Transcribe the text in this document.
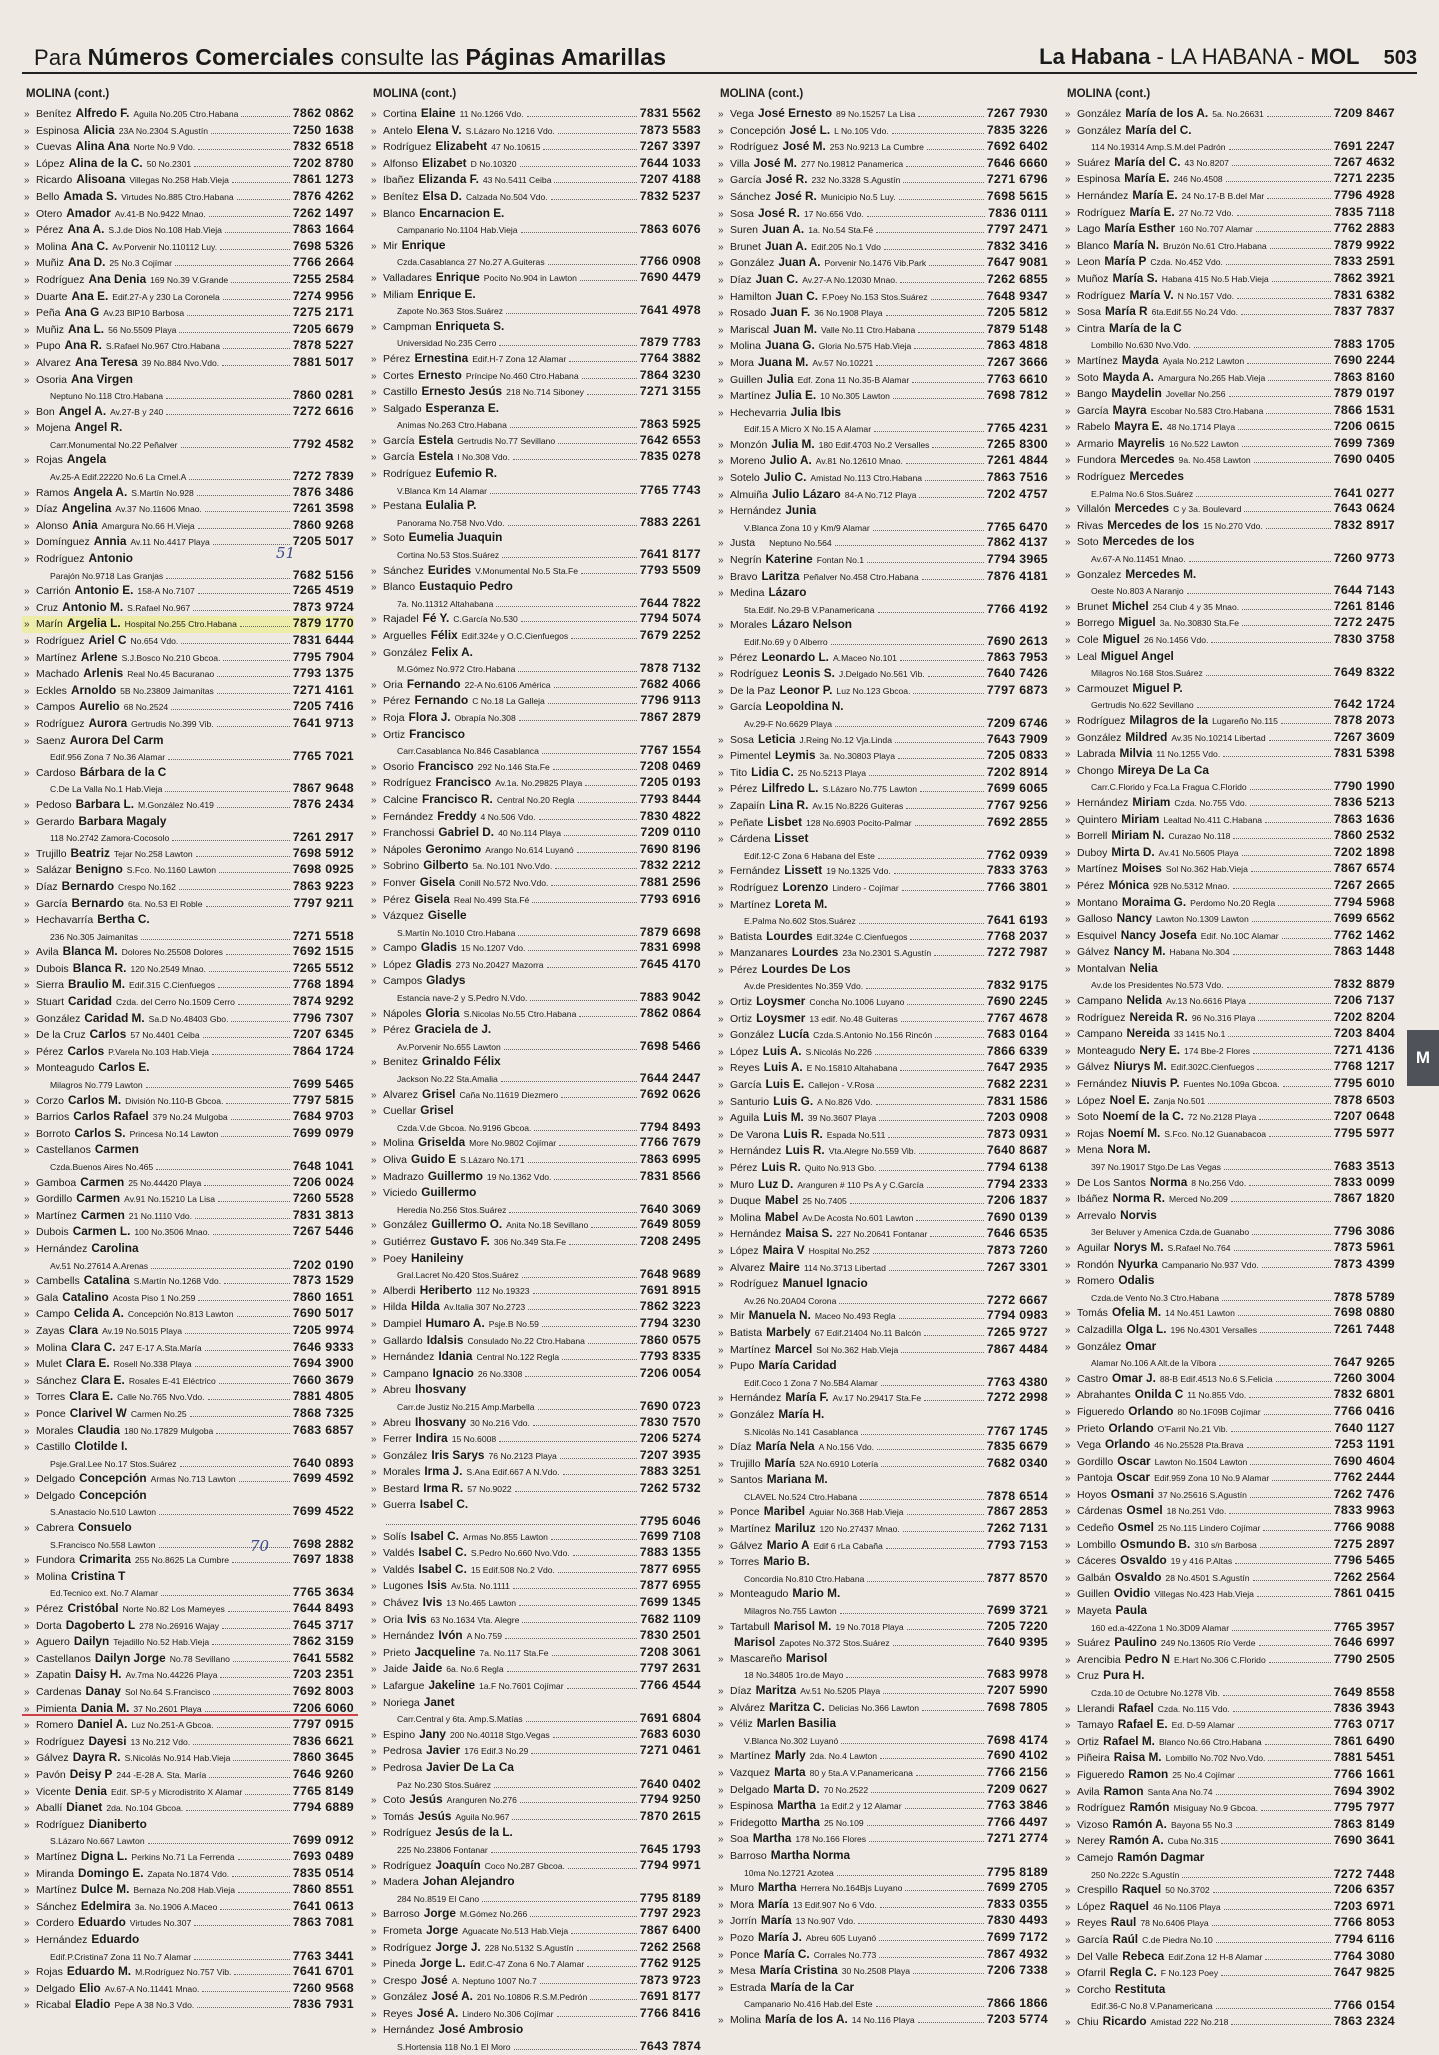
Para Números Comerciales consulte las Páginas Amarillas	La Habana - LA HABANA - MOL 503
MOLINA (cont.)
» Benítez Alfredo F. Aguila No.205 Ctro.Habana	7862 0862
» Espinosa Alicia 23A No.2304 S.Agustín	7250 1638
» Cuevas Alina Ana Norte No.9 Vdo.	7832 6518
» López Alina de la C. 50 No.2301	7202 8780
» Ricardo Alisoana Villegas No.258 Hab.Vieja	7861 1273
» Bello Amada S. Virtudes No.885 Ctro.Habana	7876 4262
» Otero Amador Av.41-B No.9422 Mnao.	7262 1497
» Pérez Ana A. S.J.de Dios No.108 Hab.Vieja	7863 1664
» Molina Ana C. Av.Porvenir No.110112 Luy.	7698 5326
» Muñiz Ana D. 25 No.3 Cojímar	7766 2664
» Rodríguez Ana Denia 169 No.39 V.Grande	7255 2584
» Duarte Ana E. Edif.27-A y 230 La Coronela	7274 9956
» Peña Ana G Av.23 BlP10 Barbosa	7275 2171
» Muñiz Ana L. 56 No.5509 Playa	7205 6679
» Pupo Ana R. S.Rafael No.967 Ctro.Habana	7878 5227
» Alvarez Ana Teresa 39 No.884 Nvo.Vdo.	7881 5017
» Osoria Ana Virgen
Neptuno No.118 Ctro.Habana	7860 0281
» Bon Angel A. Av.27-B y 240	7272 6616
» Mojena Angel R.
Carr.Monumental No.22 Peñalver	7792 4582
» Rojas Angela
Av.25-A Edif.22220 No.6 La Crnel.A	7272 7839
» Ramos Angela A. S.Martín No.928	7876 3486
» Díaz Angelina Av.37 No.11606 Mnao.	7261 3598
» Alonso Ania Amargura No.66 H.Vieja	7860 9268
» Domínguez Annia Av.11 No.4417 Playa	7205 5017
» Rodríguez Antonio
Parajón No.9718 Las Granjas	7682 5156
» Carrión Antonio E. 158-A No.7107	7265 4519
» Cruz Antonio M. S.Rafael No.967	7873 9724
» Marín Argelia L. Hospital No.255 Ctro.Habana	7879 1770
» Rodríguez Ariel C No.654 Vdo.	7831 6444
» Martínez Arlene S.J.Bosco No.210 Gbcoa.	7795 7904
» Machado Arlenis Real No.45 Bacuranao	7793 1375
» Eckles Arnoldo 5B No.23809 Jaimanitas	7271 4161
» Campos Aurelio 68 No.2524	7205 7416
» Rodríguez Aurora Gertrudis No.399 Vib.	7641 9713
» Saenz Aurora Del Carm
Edif.956 Zona 7 No.36 Alamar	7765 7021
» Cardoso Bárbara de la C
C.De La Valla No.1 Hab.Vieja	7867 9648
» Pedoso Barbara L. M.González No.419	7876 2434
» Gerardo Barbara Magaly
118 No.2742 Zamora-Cocosolo	7261 2917
» Trujillo Beatriz Tejar No.258 Lawton	7698 5912
» Salázar Benigno S.Fco. No.1160 Lawton	7698 0925
» Díaz Bernardo Crespo No.162	7863 9223
» García Bernardo 6ta. No.53 El Roble	7797 9211
» Hechavarría Bertha C.
236 No.305 Jaimanitas	7271 5518
» Avila Blanca M. Dolores No.25508 Dolores	7692 1515
» Dubois Blanca R. 120 No.2549 Mnao.	7265 5512
» Sierra Braulio M. Edif.315 C.Cienfuegos	7768 1894
» Stuart Caridad Czda. del Cerro No.1509 Cerro	7874 9292
» González Caridad M. Sa.D No.48403 Gbo.	7796 7307
» De la Cruz Carlos 57 No.4401 Ceiba	7207 6345
» Pérez Carlos P.Varela No.103 Hab.Vieja	7864 1724
» Monteagudo Carlos E.
Milagros No.779 Lawton	7699 5465
» Corzo Carlos M. División No.110-B Gbcoa.	7797 5815
» Barrios Carlos Rafael 379 No.24 Mulgoba	7684 9703
» Borroto Carlos S. Princesa No.14 Lawton	7699 0979
» Castellanos Carmen
Czda.Buenos Aires No.465	7648 1041
» Gamboa Carmen 25 No.44420 Playa	7206 0024
» Gordillo Carmen Av.91 No.15210 La Lisa	7260 5528
» Martínez Carmen 21 No.1110 Vdo.	7831 3813
» Dubois Carmen L. 100 No.3506 Mnao.	7267 5446
» Hernández Carolina
Av.51 No.27614 A.Arenas	7202 0190
» Cambells Catalina S.Martín No.1268 Vdo.	7873 1529
» Gala Catalino Acosta Piso 1 No.259	7860 1651
» Campo Celida A. Concepción No.813 Lawton	7690 5017
» Zayas Clara Av.19 No.5015 Playa	7205 9974
» Molina Clara C. 247 E-17 A.Sta.María	7646 9333
» Mulet Clara E. Rosell No.338 Playa	7694 3900
» Sánchez Clara E. Rosales E-41 Eléctrico	7660 3679
» Torres Clara E. Calle No.765 Nvo.Vdo.	7881 4805
» Ponce Clarivel W Carmen No.25	7868 7325
» Morales Claudia 180 No.17829 Mulgoba	7683 6857
» Castillo Clotilde I.
Psje.Gral.Lee No.17 Stos.Suárez	7640 0893
» Delgado Concepción Armas No.713 Lawton	7699 4592
» Delgado Concepción
S.Anastacio No.510 Lawton	7699 4522
» Cabrera Consuelo
S.Francisco No.558 Lawton	7698 2882
» Fundora Crimarita 255 No.8625 La Cumbre	7697 1838
» Molina Cristina T
Ed.Tecnico ext. No.7 Alamar	7765 3634
» Pérez Cristóbal Norte No.82 Los Mameyes	7644 8493
» Dorta Dagoberto L 278 No.26916 Wajay	7645 3717
» Aguero Dailyn Tejadillo No.52 Hab.Vieja	7862 3159
» Castellanos Dailyn Jorge No.78 Sevillano	7641 5582
» Zapatin Daisy H. Av.7ma No.44226 Playa	7203 2351
» Cardenas Danay Sol No.64 S.Francisco	7692 8003
» Pimienta Dania M. 37 No.2601 Playa	7206 6060
» Romero Daniel A. Luz No.251-A Gbcoa.	7797 0915
» Rodríguez Dayesi 13 No.212 Vdo.	7836 6621
» Gálvez Dayra R. S.Nicolás No.914 Hab.Vieja	7860 3645
» Pavón Deisy P 244 -E-28 A. Sta. María	7646 9260
» Vicente Denia Edif. SP-5 y Microdistrito X Alamar	7765 8149
» Aballí Dianet 2da. No.104 Gbcoa.	7794 6889
» Rodríguez Dianiberto
S.Lázaro No.667 Lawton	7699 0912
» Martínez Digna L. Perkins No.71 La Ferrenda	7693 0489
» Miranda Domingo E. Zapata No.1874 Vdo.	7835 0514
» Martínez Dulce M. Bernaza No.208 Hab.Vieja	7860 8551
» Sánchez Edelmira 3a. No.1906 A.Maceo	7641 0613
» Cordero Eduardo Virtudes No.307	7863 7081
» Hernández Eduardo
Edif.P.Cristina7 Zona 11 No.7 Alamar	7763 3441
» Rojas Eduardo M. M.Rodríguez No.757 Vib.	7641 6701
» Delgado Elio Av.67-A No.11441 Mnao.	7260 9568
» Ricabal Eladio Pepe A 38 No.3 Vdo.	7836 7931
MOLINA (cont.)
» Cortina Elaine 11 No.1266 Vdo.	7831 5562
» Antelo Elena V. S.Lázaro No.1216 Vdo.	7873 5583
» Rodríguez Elizabeht 47 No.10615	7267 3397
» Alfonso Elizabet D No.10320	7644 1033
» Ibañez Elizanda F. 43 No.5411 Ceiba	7207 4188
» Benítez Elsa D. Calzada No.504 Vdo.	7832 5237
» Blanco Encarnacion E.
Campanario No.1104 Hab.Vieja	7863 6076
» Mir Enrique
Czda.Casablanca 27 No.27 A.Guiteras	7766 0908
» Valladares Enrique Pocito No.904 in Lawton	7690 4479
» Miliam Enrique E.
Zapote No.363 Stos.Suárez	7641 4978
» Campman Enriqueta S.
Universidad No.235 Cerro	7879 7783
» Pérez Ernestina Edif.H-7 Zona 12 Alamar	7764 3882
» Cortes Ernesto Príncipe No.460 Ctro.Habana	7864 3230
» Castillo Ernesto Jesús 218 No.714 Siboney	7271 3155
» Salgado Esperanza E.
Animas No.263 Ctro.Habana	7863 5925
» García Estela Gertrudis No.77 Sevillano	7642 6553
» García Estela I No.308 Vdo.	7835 0278
» Rodríguez Eufemio R.
V.Blanca Km 14 Alamar	7765 7743
» Pestana Eulalia P.
Panorama No.758 Nvo.Vdo.	7883 2261
» Soto Eumelia Juaquin
Cortina No.53 Stos.Suárez	7641 8177
» Sánchez Eurides V.Monumental No.5 Sta.Fe	7793 5509
» Blanco Eustaquio Pedro
7a. No.11312 Altahabana	7644 7822
» Rajadel Fé Y. C.García No.530	7794 5074
» Arguelles Félix Edif.324e y O.C.Cienfuegos	7679 2252
» González Felix A.
M.Gómez No.972 Ctro.Habana	7878 7132
» Oria Fernando 22-A No.6106 América	7682 4066
» Pérez Fernando C No.18 La Galleja	7796 9113
» Roja Flora J. Obrapía No.308	7867 2879
» Ortiz Francisco
Carr.Casablanca No.846 Casablanca	7767 1554
» Osorio Francisco 292 No.146 Sta.Fe	7208 0469
» Rodríguez Francisco Av.1a. No.29825 Playa	7205 0193
» Calcine Francisco R. Central No.20 Regla	7793 8444
» Fernández Freddy 4 No.506 Vdo.	7830 4822
» Franchossi Gabriel D. 40 No.114 Playa	7209 0110
» Nápoles Geronimo Arango No.614 Luyanó	7690 8196
» Sobrino Gilberto 5a. No.101 Nvo.Vdo.	7832 2212
» Fonver Gisela Conill No.572 Nvo.Vdo.	7881 2596
» Pérez Gisela Real No.499 Sta.Fé	7793 6916
» Vázquez Giselle
S.Martín No.1010 Ctro.Habana	7879 6698
» Campo Gladis 15 No.1207 Vdo.	7831 6998
» López Gladis 273 No.20427 Mazorra	7645 4170
» Campos Gladys
Estancia nave-2 y S.Pedro N.Vdo.	7883 9042
» Nápoles Gloria S.Nicolas No.55 Ctro.Habana	7862 0864
» Pérez Graciela de J.
Av.Porvenir No.655 Lawton	7698 5466
» Benitez Grinaldo Félix
Jackson No.22 Sta.Amalia	7644 2447
» Alvarez Grisel Caña No.11619 Diezmero	7692 0626
» Cuellar Grisel
Czda.V.de Gbcoa. No.9196 Gbcoa.	7794 8493
» Molina Griselda More No.9802 Cojímar	7766 7679
» Oliva Guido E S.Lázaro No.171	7863 6995
» Madrazo Guillermo 19 No.1362 Vdo.	7831 8566
» Viciedo Guillermo
Heredia No.256 Stos.Suárez	7640 3069
» González Guillermo O. Anita No.18 Sevillano	7649 8059
» Gutiérrez Gustavo F. 306 No.349 Sta.Fe	7208 2495
» Poey Hanileiny
Gral.Lacret No.420 Stos.Suárez	7648 9689
» Alberdi Heriberto 112 No.19323	7691 8915
» Hilda Hilda Av.Italia 307 No.2723	7862 3223
» Dampiel Humaro A. Psje.B No.59	7794 3230
» Gallardo Idalsis Consulado No.22 Ctro.Habana	7860 0575
» Hernández Idania Central No.122 Regla	7793 8335
» Campano Ignacio 26 No.3308	7206 0054
» Abreu Ihosvany
Carr.de Justiz No.215 Amp.Marbella	7690 0723
» Abreu Ihosvany 30 No.216 Vdo.	7830 7570
» Ferrer Indira 15 No.6008	7206 5274
» González Iris Sarys 76 No.2123 Playa	7207 3935
» Morales Irma J. S.Ana Edif.667 A N.Vdo.	7883 3251
» Bestard Irma R. 57 No.9022	7262 5732
» Guerra Isabel C.
7795 6046
» Solís Isabel C. Armas No.855 Lawton	7699 7108
» Valdés Isabel C. S.Pedro No.660 Nvo.Vdo.	7883 1355
» Valdés Isabel C. 15 Edif.508 No.2 Vdo.	7877 6955
» Lugones Isis Av.5ta. No.1111	7877 6955
» Chávez Ivis 13 No.465 Lawton	7699 1345
» Oria Ivis 63 No.1634 Vta. Alegre	7682 1109
» Hernández Ivón A No.759	7830 2501
» Prieto Jacqueline 7a. No.117 Sta.Fe	7208 3061
» Jaide Jaide 6a. No.6 Regla	7797 2631
» Lafargue Jakeline 1a.F No.7601 Cojímar	7766 4544
» Noriega Janet
Carr.Central y 6ta. Amp.S.Matías	7691 6804
» Espino Jany 200 No.40118 Stgo.Vegas	7683 6030
» Pedrosa Javier 176 Edif.3 No.29	7271 0461
» Pedrosa Javier De La Ca
Paz No.230 Stos.Suárez	7640 0402
» Coto Jesús Aranguren No.276	7794 9250
» Tomás Jesús Aguila No.967	7870 2615
» Rodríguez Jesús de la L.
225 No.23806 Fontanar	7645 1793
» Rodríguez Joaquín Coco No.287 Gbcoa.	7794 9971
» Madera Johan Alejandro
284 No.8519 El Cano	7795 8189
» Barroso Jorge M.Gómez No.266	7797 2923
» Frometa Jorge Aguacate No.513 Hab.Vieja	7867 6400
» Rodríguez Jorge J. 228 No.5132 S.Agustín	7262 2568
» Pineda Jorge L. Edif.C-47 Zona 6 No.7 Alamar	7762 9125
» Crespo José A. Neptuno 1007 No.7	7873 9723
» González José A. 201 No.10806 R.S.M.Pedrón	7691 8177
» Reyes José A. Lindero No.306 Cojímar	7766 8416
» Hernández José Ambrosio
S.Hortensia 118 No.1 El Moro	7643 7874
MOLINA (cont.)
» Vega José Ernesto 89 No.15257 La Lisa	7267 7930
» Concepción José L. L No.105 Vdo.	7835 3226
» Rodríguez José M. 253 No.9213 La Cumbre	7692 6402
» Villa José M. 277 No.19812 Panamerica	7646 6660
» García José R. 232 No.3328 S.Agustín	7271 6796
» Sánchez José R. Municipio No.5 Luy.	7698 5615
» Sosa José R. 17 No.656 Vdo.	7836 0111
» Suren Juan A. 1a. No.54 Sta.Fé	7797 2471
» Brunet Juan A. Edif.205 No.1 Vdo	7832 3416
» González Juan A. Porvenir No.1476 Vib.Park	7647 9081
» Díaz Juan C. Av.27-A No.12030 Mnao.	7262 6855
» Hamilton Juan C. F.Poey No.153 Stos.Suárez	7648 9347
» Rosado Juan F. 36 No.1908 Playa	7205 5812
» Mariscal Juan M. Valle No.11 Ctro.Habana	7879 5148
» Molina Juana G. Gloria No.575 Hab.Vieja	7863 4818
» Mora Juana M. Av.57 No.10221	7267 3666
» Guillen Julia Edf. Zona 11 No.35-B Alamar	7763 6610
» Martínez Julia E. 10 No.305 Lawton	7698 7812
» Hechevarria Julia Ibis
Edif.15 A Micro X No.15 A Alamar	7765 4231
» Monzón Julia M. 180 Edif.4703 No.2 Versalles	7265 8300
» Moreno Julio A. Av.81 No.12610 Mnao.	7261 4844
» Sotelo Julio C. Amistad No.113 Ctro.Habana	7863 7516
» Almuiña Julio Lázaro 84-A No.712 Playa	7202 4757
» Hernández Junia
V.Blanca Zona 10 y Km/9 Alamar	7765 6470
» Justa Neptuno No.564	7862 4137
» Negrín Katerine Fontan No.1	7794 3965
» Bravo Laritza Peñalver No.458 Ctro.Habana	7876 4181
» Medina Lázaro
5ta.Edif. No.29-B V.Panamericana	7766 4192
» Morales Lázaro Nelson
Edif.No.69 y 0 Alberro	7690 2613
» Pérez Leonardo L. A.Maceo No.101	7863 7953
» Rodríguez Leonis S. J.Delgado No.561 Vib.	7640 7426
» De la Paz Leonor P. Luz No.123 Gbcoa.	7797 6873
» García Leopoldina N.
Av.29-F No.6629 Playa	7209 6746
» Sosa Leticia J.Reing No.12 Vja.Linda	7643 7909
» Pimentel Leymis 3a. No.30803 Playa	7205 0833
» Tito Lidia C. 25 No.5213 Playa	7202 8914
» Pérez Lilfredo L. S.Lázaro No.775 Lawton	7699 6065
» Zapaiín Lina R. Av.15 No.8226 Guiteras	7767 9256
» Peñate Lisbet 128 No.6903 Pocito-Palmar	7692 2855
» Cárdena Lisset
Edif.12-C Zona 6 Habana del Este	7762 0939
» Fernández Lissett 19 No.1325 Vdo.	7833 3763
» Rodríguez Lorenzo Lindero - Cojímar	7766 3801
» Martínez Loreta M.
E.Palma No.602 Stos.Suárez	7641 6193
» Batista Lourdes Edif.324e C.Cienfuegos	7768 2037
» Manzanares Lourdes 23a No.2301 S.Agustín	7272 7987
» Pérez Lourdes De Los
Av.de Presidentes No.359 Vdo.	7832 9175
» Ortiz Loysmer Concha No.1006 Luyano	7690 2245
» Ortiz Loysmer 13 edif. No.48 Guiteras	7767 4678
» González Lucía Czda.S.Antonio No.156 Rincón	7683 0164
» López Luis A. S.Nicolás No.226	7866 6339
» Reyes Luis A. E No.15810 Altahabana	7647 2935
» García Luis E. Callejon - V.Rosa	7682 2231
» Santurio Luis G. A No.826 Vdo.	7831 1586
» Aguila Luis M. 39 No.3607 Playa	7203 0908
» De Varona Luis R. Espada No.511	7873 0931
» Hernández Luis R. Vta.Alegre No.559 Vib.	7640 8687
» Pérez Luis R. Quito No.913 Gbo.	7794 6138
» Muro Luz D. Aranguren # 110 Ps A y C.García	7794 2333
» Duque Mabel 25 No.7405	7206 1837
» Molina Mabel Av.De Acosta No.601 Lawton	7690 0139
» Hernández Maisa S. 227 No.20641 Fontanar	7646 6535
» López Maira V Hospital No.252	7873 7260
» Alvarez Maire 114 No.3713 Libertad	7267 3301
» Rodríguez Manuel Ignacio
Av.26 No.20A04 Corona	7272 6667
» Mir Manuela N. Maceo No.493 Regla	7794 0983
» Batista Marbely 67 Edif.21404 No.11 Balcón	7265 9727
» Martínez Marcel Sol No.362 Hab.Vieja	7867 4484
» Pupo María Caridad
Edif.Coco 1 Zona 7 No.5B4 Alamar	7763 4380
» Hernández María F. Av.17 No.29417 Sta.Fe	7272 2998
» González María H.
S.Nicolás No.141 Casablanca	7767 1745
» Díaz María Nela A No.156 Vdo.	7835 6679
» Trujillo María 52A No.6910 Lotería	7682 0340
» Santos Mariana M.
CLAVEL No.524 Ctro.Habana	7878 6514
» Ponce Maribel Aguiar No.368 Hab.Vieja	7867 2853
» Martínez Mariluz 120 No.27437 Mnao.	7262 7131
» Gálvez Mario A Edif 6 rLa Cabaña	7793 7153
» Torres Mario B.
Concordia No.810 Ctro.Habana	7877 8570
» Monteagudo Mario M.
Milagros No.755 Lawton	7699 3721
» Tartabull Marisol M. 19 No.7018 Playa	7205 7220
Marisol Zapotes No.372 Stos.Suárez	7640 9395
» Mascareño Marisol
18 No.34805 1ro.de Mayo	7683 9978
» Díaz Maritza Av.51 No.5205 Playa	7207 5990
» Alvárez Maritza C. Delicias No.366 Lawton	7698 7805
» Véliz Marlen Basilia
V.Blanca No.302 Luyanó	7698 4174
» Martínez Marly 2da. No.4 Lawton	7690 4102
» Vazquez Marta 80 y 5ta.A V.Panamericana	7766 2156
» Delgado Marta D. 70 No.2522	7209 0627
» Espinosa Martha 1a Edif.2 y 12 Alamar	7763 3846
» Fridegotto Martha 25 No.109	7766 4497
» Soa Martha 178 No.166 Flores	7271 2774
» Barroso Martha Norma
10ma No.12721 Azotea	7795 8189
» Muro Martha Herrera No.164Bjs Luyano	7699 2705
» Mora María 13 Edif.907 No 6 Vdo.	7833 0355
» Jorrín María 13 No.907 Vdo.	7830 4493
» Pozo María J. Abreu 605 Luyanó	7699 7172
» Ponce María C. Corrales No.773	7867 4932
» Mesa María Cristina 30 No.2508 Playa	7206 7338
» Estrada María de la Car
Campanario No.416 Hab.del Este	7866 1866
» Molina María de los A. 14 No.116 Playa	7203 5774
MOLINA (cont.)
» González María de los A. 5a. No.26631	7209 8467
» González María del C.
114 No.19314 Amp.S.M.del Padrón	7691 2247
» Suárez María del C. 43 No.8207	7267 4632
» Espinosa María E. 246 No.4508	7271 2235
» Hernández María E. 24 No.17-B B.del Mar	7796 4928
» Rodríguez María E. 27 No.72 Vdo.	7835 7118
» Lago María Esther 160 No.707 Alamar	7762 2883
» Blanco María N. Bruzón No.61 Ctro.Habana	7879 9922
» Leon María P Czda. No.452 Vdo.	7833 2591
» Muñoz María S. Habana 415 No.5 Hab.Vieja	7862 3921
» Rodríguez María V. N No.157 Vdo.	7831 6382
» Sosa María R 6ta.Edif.55 No.24 Vdo.	7837 7837
» Cintra María de la C
Lombillo No.630 Nvo.Vdo.	7883 1705
» Martínez Mayda Ayala No.212 Lawton	7690 2244
» Soto Mayda A. Amargura No.265 Hab.Vieja	7863 8160
» Bango Maydelin Jovellar No.256	7879 0197
» García Mayra Escobar No.583 Ctro.Habana	7866 1531
» Rabelo Mayra E. 48 No.1714 Playa	7206 0615
» Armario Mayrelis 16 No.522 Lawton	7699 7369
» Fundora Mercedes 9a. No.458 Lawton	7690 0405
» Rodríguez Mercedes
E.Palma No.6 Stos.Suárez	7641 0277
» Villalón Mercedes C y 3a. Boulevard	7643 0624
» Rivas Mercedes de los 15 No.270 Vdo.	7832 8917
» Soto Mercedes de los
Av.67-A No.11451 Mnao.	7260 9773
» Gonzalez Mercedes M.
Oeste No.803 A Naranjo	7644 7143
» Brunet Michel 254 Club 4 y 35 Mnao.	7261 8146
» Borrego Miguel 3a. No.30830 Sta.Fe	7272 2475
» Cole Miguel 26 No.1456 Vdo.	7830 3758
» Leal Miguel Angel
Milagros No.168 Stos.Suárez	7649 8322
» Carmouzet Miguel P.
Gertrudis No.622 Sevillano	7642 1724
» Rodríguez Milagros de la Lugareño No.115	7878 2073
» González Mildred Av.35 No.10214 Libertad	7267 3609
» Labrada Milvia 11 No.1255 Vdo.	7831 5398
» Chongo Mireya De La Ca
Carr.C.Florido y Fca.La Fragua C.Florido	7790 1990
» Hernández Miriam Czda. No.755 Vdo.	7836 5213
» Quintero Miriam Lealtad No.411 C.Habana	7863 1636
» Borrell Miriam N. Curazao No.118	7860 2532
» Duboy Mirta D. Av.41 No.5605 Playa	7202 1898
» Martínez Moises Sol No.362 Hab.Vieja	7867 6574
» Pérez Mónica 92B No.5312 Mnao.	7267 2665
» Montano Moraima G. Perdomo No.20 Regla	7794 5968
» Galloso Nancy Lawton No.1309 Lawton	7699 6562
» Esquivel Nancy Josefa Edif. No.10C Alamar	7762 1462
» Gálvez Nancy M. Habana No.304	7863 1448
» Montalvan Nelia
Av.de los Presidentes No.573 Vdo.	7832 8879
» Campano Nelida Av.13 No.6616 Playa	7206 7137
» Rodríguez Nereida R. 96 No.316 Playa	7202 8204
» Campano Nereida 33 1415 No.1	7203 8404
» Monteagudo Nery E. 174 Bbe-2 Flores	7271 4136
» Gálvez Niurys M. Edif.302C.Cienfuegos	7768 1217
» Fernández Niuvis P. Fuentes No.109a Gbcoa.	7795 6010
» López Noel E. Zanja No.501	7878 6503
» Soto Noemí de la C. 72 No.2128 Playa	7207 0648
» Rojas Noemí M. S.Fco. No.12 Guanabacoa	7795 5977
» Mena Nora M.
397 No.19017 Stgo.De Las Vegas	7683 3513
» De Los Santos Norma 8 No.256 Vdo.	7833 0099
» Ibáñez Norma R. Merced No.209	7867 1820
» Arrevalo Norvis
3er Beluver y Amenica Czda.de Guanabo	7796 3086
» Aguilar Norys M. S.Rafael No.764	7873 5961
» Rondón Nyurka Campanario No.937 Vdo.	7873 4399
» Romero Odalis
Czda.de Vento No.3 Ctro.Habana	7878 5789
» Tomás Ofelia M. 14 No.451 Lawton	7698 0880
» Calzadilla Olga L. 196 No.4301 Versalles	7261 7448
» González Omar
Alamar No.106 A Alt.de la Víbora	7647 9265
» Castro Omar J. 88-B Edif.4513 No.6 S.Felicia	7260 3004
» Abrahantes Onilda C 11 No.855 Vdo.	7832 6801
» Figueredo Orlando 80 No.1F09B Cojímar	7766 0416
» Prieto Orlando O'Farril No.21 Vib.	7640 1127
» Vega Orlando 46 No.25528 Pta.Brava	7253 1191
» Gordillo Oscar Lawton No.1504 Lawton	7690 4604
» Pantoja Oscar Edif.959 Zona 10 No.9 Alamar	7762 2444
» Hoyos Osmani 37 No.25616 S.Agustín	7262 7476
» Cárdenas Osmel 18 No.251 Vdo.	7833 9963
» Cedeño Osmel 25 No.115 Lindero Cojímar	7766 9088
» Lombillo Osmundo B. 310 s/n Barbosa	7275 2897
» Cáceres Osvaldo 19 y 416 P.Altas	7796 5465
» Galbán Osvaldo 28 No.4501 S.Agustín	7262 2564
» Guillen Ovidio Villegas No.423 Hab.Vieja	7861 0415
» Mayeta Paula
160 ed.a-42Zona 1 No.3D09 Alamar	7765 3957
» Suárez Paulino 249 No.13605 Río Verde	7646 6997
» Arencibia Pedro N E.Hart No.306 C.Florido	7790 2505
» Cruz Pura H.
Czda.10 de Octubre No.1278 Vib.	7649 8558
» Llerandi Rafael Czda. No.115 Vdo.	7836 3943
» Tamayo Rafael E. Ed. D-59 Alamar	7763 0717
» Ortiz Rafael M. Blanco No.66 Ctro.Habana	7861 6490
» Piñeira Raisa M. Lombillo No.702 Nvo.Vdo.	7881 5451
» Figueredo Ramon 25 No.4 Cojímar	7766 1661
» Avila Ramon Santa Ana No.74	7694 3902
» Rodríguez Ramón Misiguay No.9 Gbcoa.	7795 7977
» Vizoso Ramón A. Bayona 55 No.3	7863 8149
» Nerey Ramón A. Cuba No.315	7690 3641
» Camejo Ramón Dagmar
250 No.222c S.Agustín	7272 7448
» Crespillo Raquel 50 No.3702	7206 6357
» López Raquel 46 No.1106 Playa	7203 6971
» Reyes Raul 78 No.6406 Playa	7766 8053
» García Raúl C.de Piedra No.10	7794 6116
» Del Valle Rebeca Edif.Zona 12 H-8 Alamar	7764 3080
» Ofarril Regla C. F No.123 Poey	7647 9825
» Corcho Restituta
Edif.36-C No.8 V.Panamericana	7766 0154
» Chiu Ricardo Amistad 222 No.218	7863 2324
M
51
70
